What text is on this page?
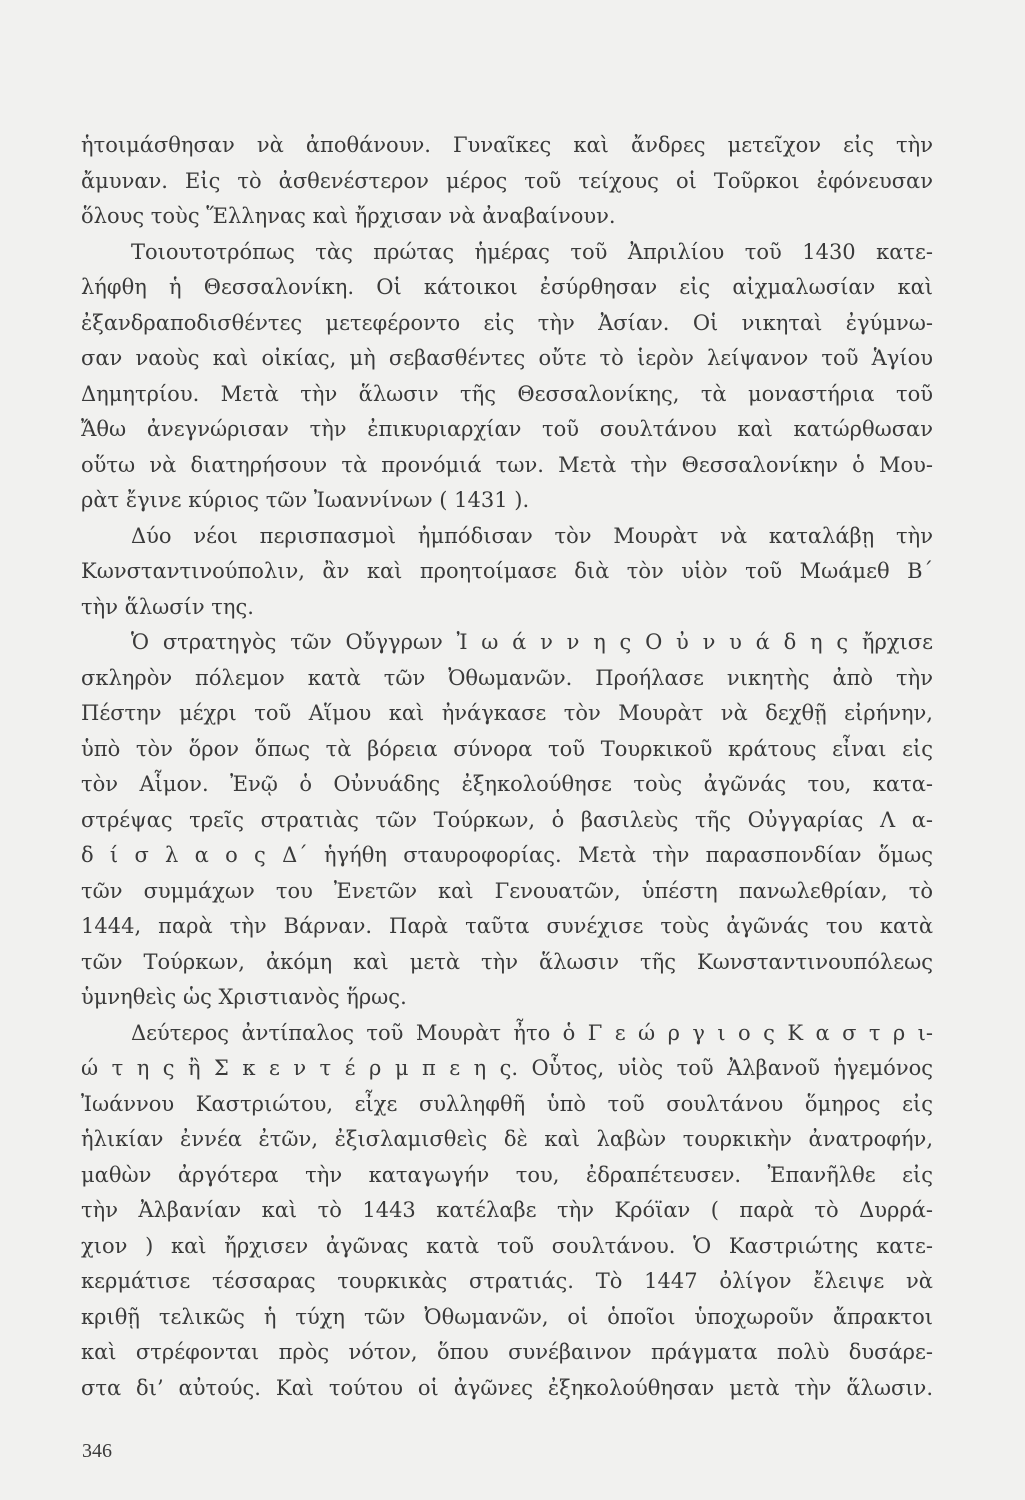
ἡτοιμάσθησαν νὰ ἀποθάνουν. Γυναῖκες καὶ ἄνδρες μετεῖχον εἰς τὴν
ἄμυναν. Εἰς τὸ ἀσθενέστερον μέρος τοῦ τείχους οἱ Τοῦρκοι ἐφόνευσαν
ὅλους τοὺς Ἕλληνας καὶ ἤρχισαν νὰ ἀναβαίνουν.
Τοιουτοτρόπως τὰς πρώτας ἡμέρας τοῦ Ἀπριλίου τοῦ 1430 κατε-
λήφθη ἡ Θεσσαλονίκη. Οἱ κάτοικοι ἐσύρθησαν εἰς αἰχμαλωσίαν καὶ
ἐξανδραποδισθέντες μετεφέροντο εἰς τὴν Ἀσίαν. Οἱ νικηταὶ ἐγύμνω-
σαν ναοὺς καὶ οἰκίας, μὴ σεβασθέντες οὔτε τὸ ἱερὸν λείψανον τοῦ Ἁγίου
Δημητρίου. Μετὰ τὴν ἅλωσιν τῆς Θεσσαλονίκης, τὰ μοναστήρια τοῦ
Ἄθω ἀνεγνώρισαν τὴν ἐπικυριαρχίαν τοῦ σουλτάνου καὶ κατώρθωσαν
οὕτω νὰ διατηρήσουν τὰ προνόμιά των. Μετὰ τὴν Θεσσαλονίκην ὁ Μου-
ρὰτ ἔγινε κύριος τῶν Ἰωαννίνων ( 1431 ).
Δύο νέοι περισπασμοὶ ἠμπόδισαν τὸν Μουρὰτ νὰ καταλάβῃ τὴν
Κωνσταντινούπολιν, ἂν καὶ προητοίμασε διὰ τὸν υἱὸν τοῦ Μωάμεθ Β΄
τὴν ἅλωσίν της.
Ὁ στρατηγὸς τῶν Οὔγγρων Ἰ ω ά ν ν η ς Ο ὐ ν υ ά δ η ς ἤρχισε
σκληρὸν πόλεμον κατὰ τῶν Ὀθωμανῶν. Προήλασε νικητὴς ἀπὸ τὴν
Πέστην μέχρι τοῦ Αἵμου καὶ ἠνάγκασε τὸν Μουρὰτ νὰ δεχθῇ εἰρήνην,
ὑπὸ τὸν ὅρον ὅπως τὰ βόρεια σύνορα τοῦ Τουρκικοῦ κράτους εἶναι εἰς
τὸν Αἷμον. Ἐνῷ ὁ Οὐνυάδης ἐξηκολούθησε τοὺς ἀγῶνάς του, κατα-
στρέψας τρεῖς στρατιὰς τῶν Τούρκων, ὁ βασιλεὺς τῆς Οὐγγαρίας Λ α-
δ ί σ λ α ο ς Δ΄ ἡγήθη σταυροφορίας. Μετὰ τὴν παρασπονδίαν ὅμως
τῶν συμμάχων του Ἐνετῶν καὶ Γενουατῶν, ὑπέστη πανωλεθρίαν, τὸ
1444, παρὰ τὴν Βάρναν. Παρὰ ταῦτα συνέχισε τοὺς ἀγῶνάς του κατὰ
τῶν Τούρκων, ἀκόμη καὶ μετὰ τὴν ἅλωσιν τῆς Κωνσταντινουπόλεως
ὑμνηθεὶς ὡς Χριστιανὸς ἥρως.
Δεύτερος ἀντίπαλος τοῦ Μουρὰτ ἦτο ὁ Γ ε ώ ρ γ ι ο ς Κ α σ τ ρ ι-
ώ τ η ς ἢ Σ κ ε ν τ έ ρ μ π ε η ς. Οὗτος, υἱὸς τοῦ Ἀλβανοῦ ἡγεμόνος
Ἰωάννου Καστριώτου, εἶχε συλληφθῆ ὑπὸ τοῦ σουλτάνου ὅμηρος εἰς
ἡλικίαν ἐννέα ἐτῶν, ἐξισλαμισθεὶς δὲ καὶ λαβὼν τουρκικὴν ἀνατροφήν,
μαθὼν ἀργότερα τὴν καταγωγήν του, ἐδραπέτευσεν. Ἐπανῆλθε εἰς
τὴν Ἀλβανίαν καὶ τὸ 1443 κατέλαβε τὴν Κρόϊαν ( παρὰ τὸ Δυρρά-
χιον ) καὶ ἤρχισεν ἀγῶνας κατὰ τοῦ σουλτάνου. Ὁ Καστριώτης κατε-
κερμάτισε τέσσαρας τουρκικὰς στρατιάς. Τὸ 1447 ὀλίγον ἔλειψε νὰ
κριθῇ τελικῶς ἡ τύχη τῶν Ὀθωμανῶν, οἱ ὁποῖοι ὑποχωροῦν ἄπρακτοι
καὶ στρέφονται πρὸς νότον, ὅπου συνέβαινον πράγματα πολὺ δυσάρε-
στα δι’ αὐτούς. Καὶ τούτου οἱ ἀγῶνες ἐξηκολούθησαν μετὰ τὴν ἅλωσιν.
346
